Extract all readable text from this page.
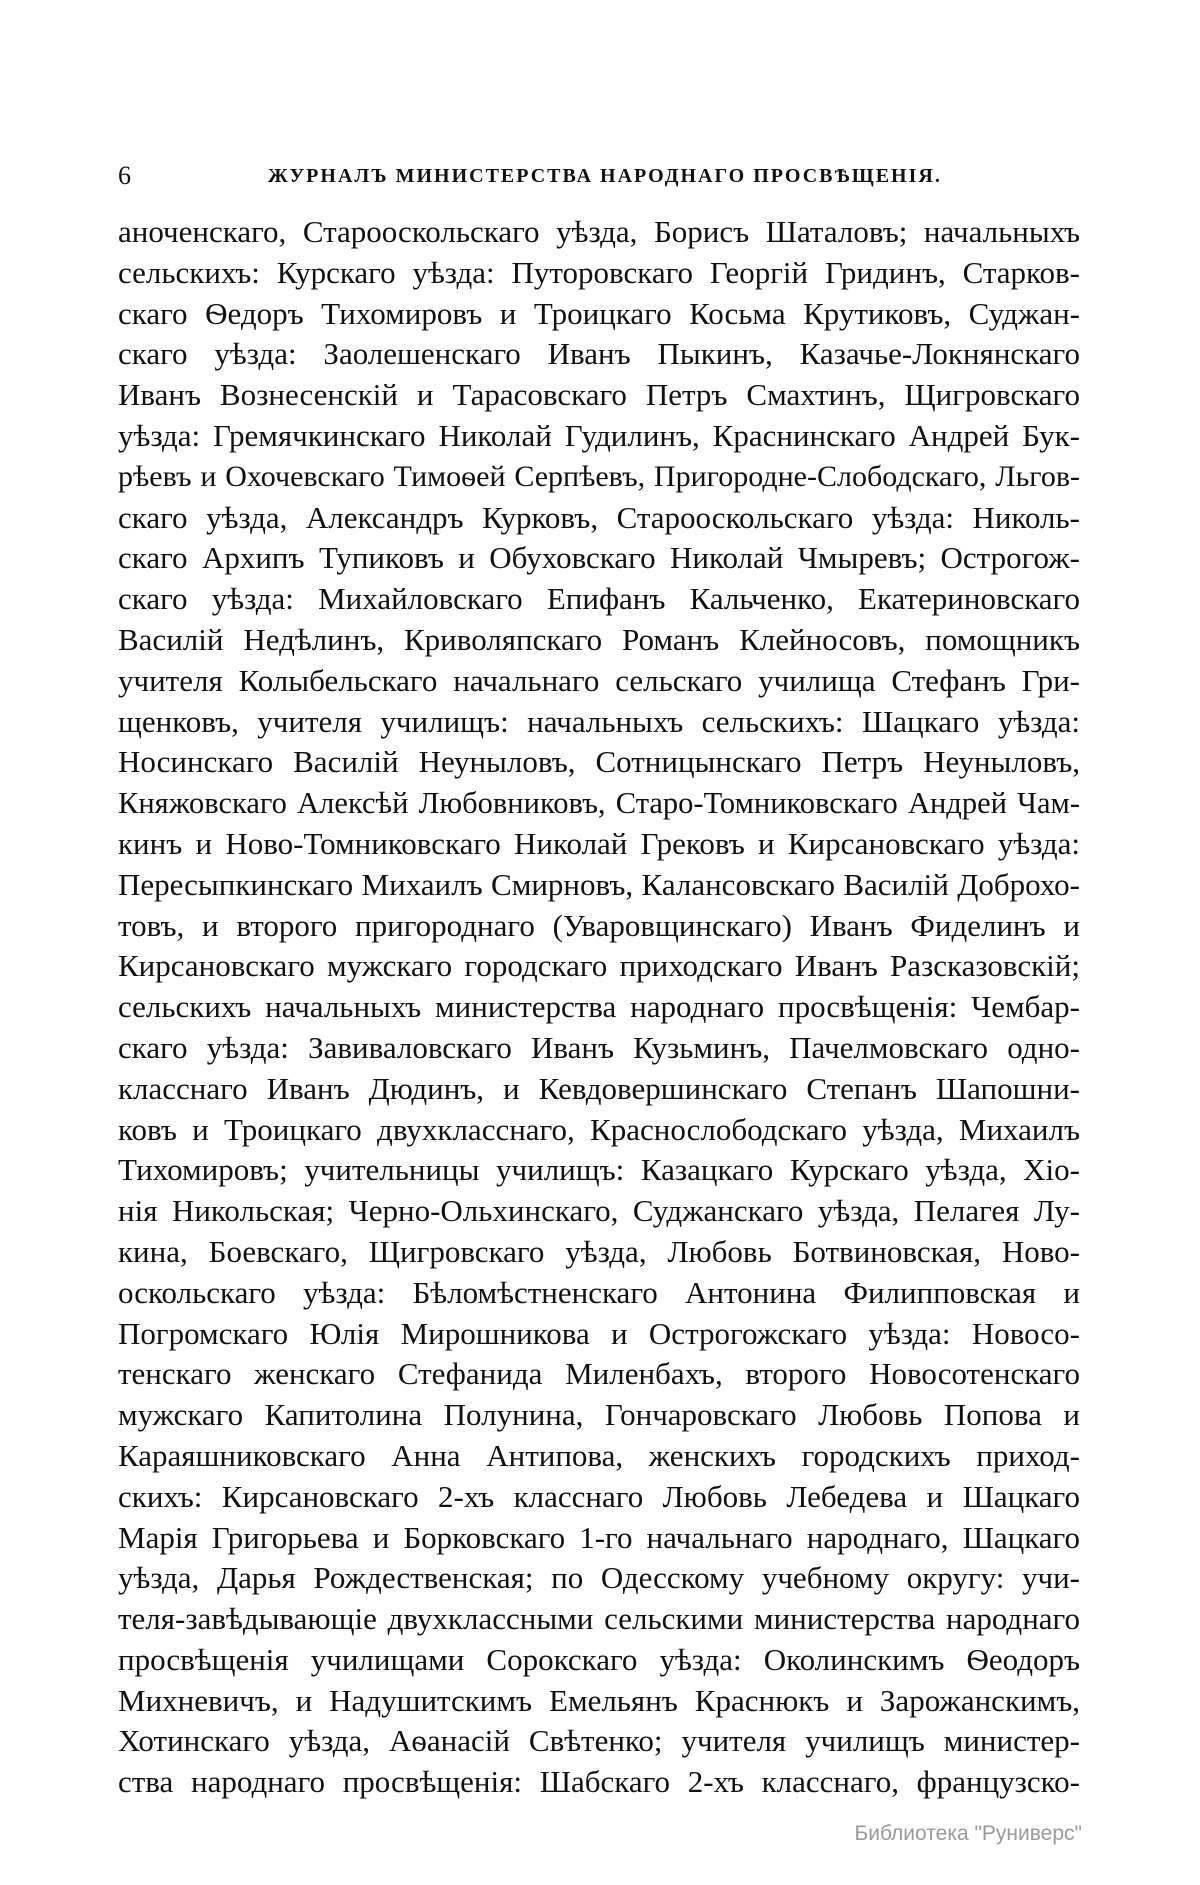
6	ЖУРНАЛЪ МИНИСТЕРСТВА НАРОДНАГО ПРОСВѢЩЕНІЯ.
аноченскаго, Старооскольскаго уѣзда, Борисъ Шаталовъ; начальныхъ
сельскихъ: Курскаго уѣзда: Путоровскаго Георгій Гридинъ, Старков-
скаго Ѳедоръ Тихомировъ и Троицкаго Косьма Крутиковъ, Суджан-
скаго уѣзда: Заолешенскаго Иванъ Пыкинъ, Казачье-Локнянскаго
Иванъ Вознесенскій и Тарасовскаго Петръ Смахтинъ, Щигровскаго
уѣзда: Гремячкинскаго Николай Гудилинъ, Краснинскаго Андрей Бук-
рѣевъ и Охочевскаго Тимоѳей Серпѣевъ, Пригородне-Слободскаго, Льгов-
скаго уѣзда, Александръ Курковъ, Старооскольскаго уѣзда: Николь-
скаго Архипъ Тупиковъ и Обуховскаго Николай Чмыревъ; Острогож-
скаго уѣзда: Михайловскаго Епифанъ Кальченко, Екатериновскаго
Василій Недѣлинъ, Криволяпскаго Романъ Клейносовъ, помощникъ
учителя Колыбельскаго начальнаго сельскаго училища Стефанъ Гри-
щенковъ, учителя училищъ: начальныхъ сельскихъ: Шацкаго уѣзда:
Носинскаго Василій Неуныловъ, Сотницынскаго Петръ Неуныловъ,
Княжовскаго Алексѣй Любовниковъ, Старо-Томниковскаго Андрей Чам-
кинъ и Ново-Томниковскаго Николай Грековъ и Кирсановскаго уѣзда:
Пересыпкинскаго Михаилъ Смирновъ, Калансовскаго Василій Доброхо-
товъ, и второго пригороднаго (Уваровщинскаго) Иванъ Фиделинъ и
Кирсановскаго мужскаго городскаго приходскаго Иванъ Разсказовскій;
сельскихъ начальныхъ министерства народнаго просвѣщенія: Чембар-
скаго уѣзда: Завиваловскаго Иванъ Кузьминъ, Пачелмовскаго одно-
класснаго Иванъ Дюдинъ, и Кевдовершинскаго Степанъ Шапошни-
ковъ и Троицкаго двухкласснаго, Краснослободскаго уѣзда, Михаилъ
Тихомировъ; учительницы училищъ: Казацкаго Курскаго уѣзда, Хіо-
нія Никольская; Черно-Ольхинскаго, Суджанскаго уѣзда, Пелагея Лу-
кина, Боевскаго, Щигровскаго уѣзда, Любовь Ботвиновская, Ново-
оскольскаго уѣзда: Бѣломѣстненскаго Антонина Филипповская и
Погромскаго Юлія Мирошникова и Острогожскаго уѣзда: Новосо-
тенскаго женскаго Стефанида Миленбахъ, второго Новосотенскаго
мужскаго Капитолина Полунина, Гончаровскаго Любовь Попова и
Караяшниковскаго Анна Антипова, женскихъ городскихъ приход-
скихъ: Кирсановскаго 2-хъ класснаго Любовь Лебедева и Шацкаго
Марія Григорьева и Борковскаго 1-го начальнаго народнаго, Шацкаго
уѣзда, Дарья Рождественская; по Одесскому учебному округу: учи-
теля-завѣдывающіе двухклассными сельскими министерства народнаго
просвѣщенія училищами Сорокскаго уѣзда: Околинскимъ Ѳеодоръ
Михневичъ, и Надушитскимъ Емельянъ Краснюкъ и Зарожанскимъ,
Хотинскаго уѣзда, Аѳанасій Свѣтенко; учителя училищъ министер-
ства народнаго просвѣщенія: Шабскаго 2-хъ класснаго, французско-
Библиотека "Руниверс"
